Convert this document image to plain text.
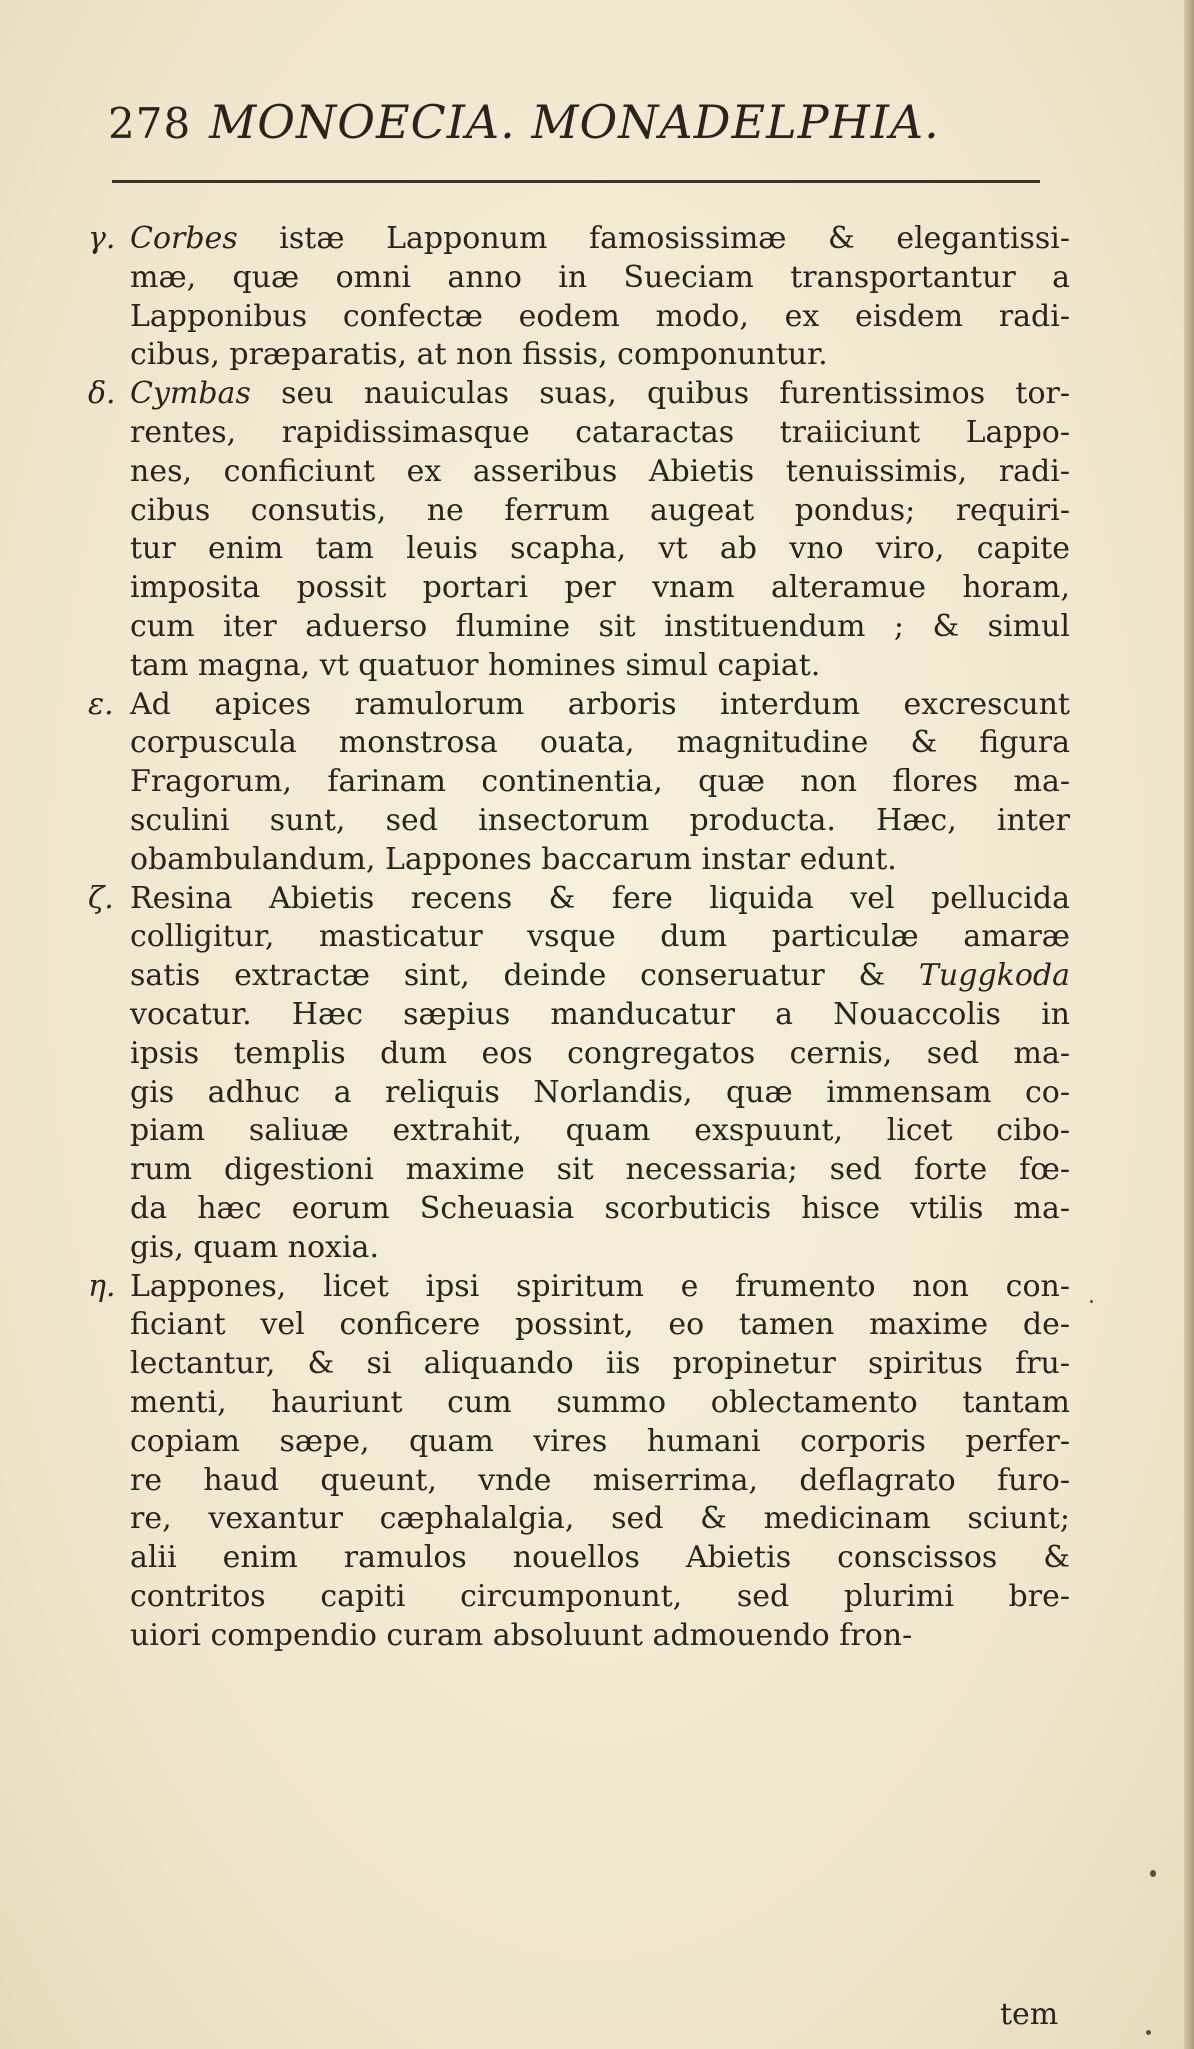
278 MONOECIA. MONADELPHIA.
γ. Corbes istæ Lapponum famosissimæ & elegantissi-
mæ, quæ omni anno in Sueciam transportantur a
Lapponibus confectæ eodem modo, ex eisdem radi-
cibus, præparatis, at non fissis, componuntur.
δ. Cymbas seu nauiculas suas, quibus furentissimos tor-
rentes, rapidissimasque cataractas traiiciunt Lappo-
nes, conficiunt ex asseribus Abietis tenuissimis, radi-
cibus consutis, ne ferrum augeat pondus; requiri-
tur enim tam leuis scapha, vt ab vno viro, capite
imposita possit portari per vnam alteramue horam,
cum iter aduerso flumine sit instituendum ; & simul
tam magna, vt quatuor homines simul capiat.
ε. Ad apices ramulorum arboris interdum excrescunt
corpuscula monstrosa ouata, magnitudine & figura
Fragorum, farinam continentia, quæ non flores ma-
sculini sunt, sed insectorum producta. Hæc, inter
obambulandum, Lappones baccarum instar edunt.
ζ. Resina Abietis recens & fere liquida vel pellucida
colligitur, masticatur vsque dum particulæ amaræ
satis extractæ sint, deinde conseruatur & Tuggkoda
vocatur. Hæc sæpius manducatur a Nouaccolis in
ipsis templis dum eos congregatos cernis, sed ma-
gis adhuc a reliquis Norlandis, quæ immensam co-
piam saliuæ extrahit, quam exspuunt, licet cibo-
rum digestioni maxime sit necessaria; sed forte fœ-
da hæc eorum Scheuasia scorbuticis hisce vtilis ma-
gis, quam noxia.
η. Lappones, licet ipsi spiritum e frumento non con-
ficiant vel conficere possint, eo tamen maxime de-
lectantur, & si aliquando iis propinetur spiritus fru-
menti, hauriunt cum summo oblectamento tantam
copiam sæpe, quam vires humani corporis perfer-
re haud queunt, vnde miserrima, deflagrato furo-
re, vexantur cæphalalgia, sed & medicinam sciunt;
alii enim ramulos nouellos Abietis conscissos &
contritos capiti circumponunt, sed plurimi bre-
uiori compendio curam absoluunt admouendo fron-
tem
